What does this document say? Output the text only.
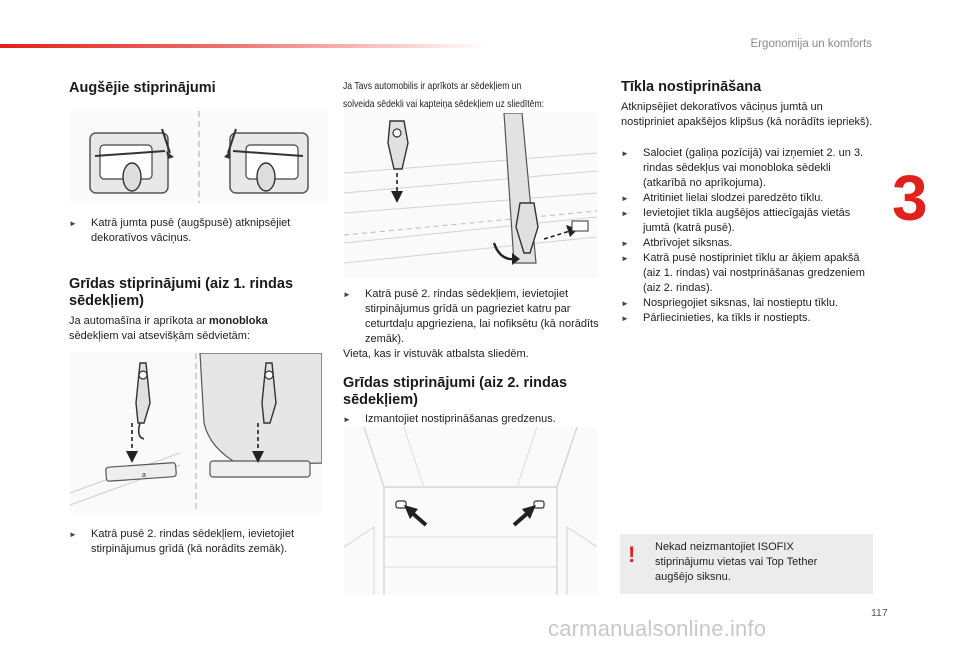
Ergonomija un komforts
3
Augšējie stiprinājumi
► Katrā jumta pusē (augšpusē) atknipsējiet dekoratīvos vāciņus.
Grīdas stiprinājumi (aiz 1. rindas sēdekļiem)

Ja automašīna ir aprīkota ar monobloka sēdekļiem vai atsevišķām sēdvietām:

a
► Katrā pusē 2. rindas sēdekļiem, ievietojiet stirpinājumus grīdā (kā norādīts zemāk).
Ja Tavs automobilis ir aprīkots ar sēdekļiem un
solveida sēdekli vai kapteiņa sēdekļiem uz sliedītēm:
► Katrā pusē 2. rindas sēdekļiem, ievietojiet stirpinājumus grīdā un pagrieziet katru par ceturtdaļu apgrieziena, lai nofiksētu (kā norādīts zemāk).

Vieta, kas ir vistuvāk atbalsta sliedēm.

Grīdas stiprinājumi (aiz 2. rindas sēdekļiem)
► Izmantojiet nostiprināšanas gredzenus.
Tīkla nostiprināšana

Atknipsējiet dekoratīvos vāciņus jumtā un nostipriniet apakšējos klipšus (kā norādīts iepriekš).

► Salociet (galiņa pozīcijā) vai izņemiet 2. un 3. rindas sēdekļus vai monobloka sēdekli (atkarībā no aprīkojuma).
► Atritiniet lielai slodzei paredzēto tīklu.
► Ievietojiet tīkla augšējos attiecīgajās vietās jumtā (katrā pusē).
► Atbrīvojet siksnas.
► Katrā pusē nostipriniet tīklu ar āķiem apakšā (aiz 1. rindas) vai nostprināšanas gredzeniem (aiz 2. rindas).
► Nospriegojiet siksnas, lai nostieptu tīklu.
► Pārliecinieties, ka tīkls ir nostiepts.
! Nekad neizmantojiet ISOFIX stiprinājumu vietas vai Top Tether augšējo siksnu.
117
carmanualsonline.info
